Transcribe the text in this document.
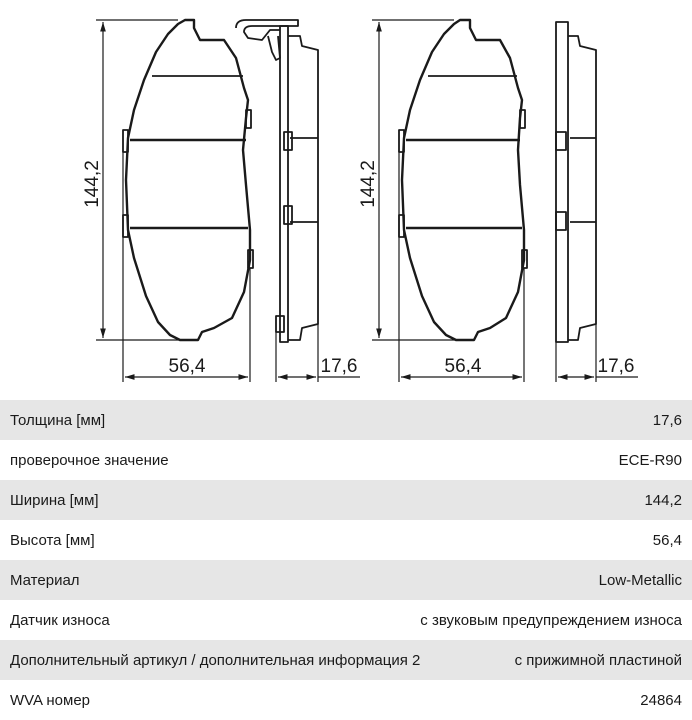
144,2
56,4	17,6
144,2
56,4	17,6
Толщина [мм]	17,6
проверочное значение	ECE-R90
Ширина [мм]	144,2
Высота [мм]	56,4
Материал	Low-Metallic
Датчик износа	с звуковым предупреждением износа
Дополнительный артикул / дополнительная информация 2	с прижимной пластиной
WVA номер	24864
